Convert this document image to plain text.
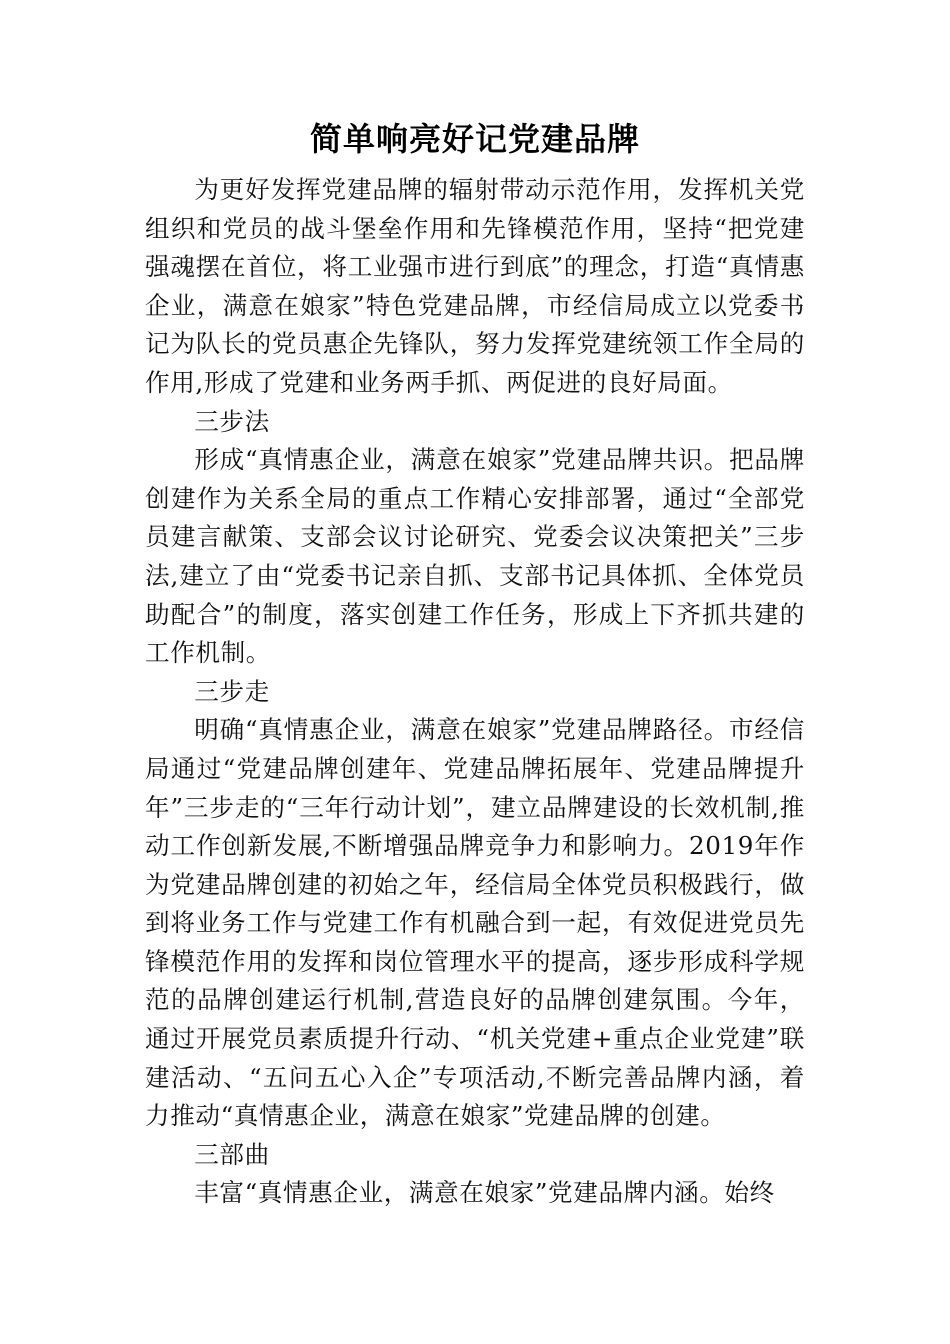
简单响亮好记党建品牌

为更好发挥党建品牌的辐射带动示范作用，发挥机关党组织和党员的战斗堡垒作用和先锋模范作用，坚持“把党建强魂摆在首位，将工业强市进行到底”的理念，打造“真情惠企业，满意在娘家”特色党建品牌，市经信局成立以党委书记为队长的党员惠企先锋队，努力发挥党建统领工作全局的作用,形成了党建和业务两手抓、两促进的良好局面。

三步法

形成“真情惠企业，满意在娘家”党建品牌共识。把品牌创建作为关系全局的重点工作精心安排部署，通过“全部党员建言献策、支部会议讨论研究、党委会议决策把关”三步法,建立了由“党委书记亲自抓、支部书记具体抓、全体党员助配合”的制度，落实创建工作任务，形成上下齐抓共建的工作机制。

三步走

明确“真情惠企业，满意在娘家”党建品牌路径。市经信局通过“党建品牌创建年、党建品牌拓展年、党建品牌提升年”三步走的“三年行动计划”，建立品牌建设的长效机制,推动工作创新发展,不断增强品牌竞争力和影响力。2019年作为党建品牌创建的初始之年，经信局全体党员积极践行，做到将业务工作与党建工作有机融合到一起，有效促进党员先锋模范作用的发挥和岗位管理水平的提高，逐步形成科学规范的品牌创建运行机制,营造良好的品牌创建氛围。今年，通过开展党员素质提升行动、“机关党建+重点企业党建”联建活动、“五问五心入企”专项活动,不断完善品牌内涵，着力推动“真情惠企业，满意在娘家”党建品牌的创建。

三部曲

丰富“真情惠企业，满意在娘家”党建品牌内涵。始终
